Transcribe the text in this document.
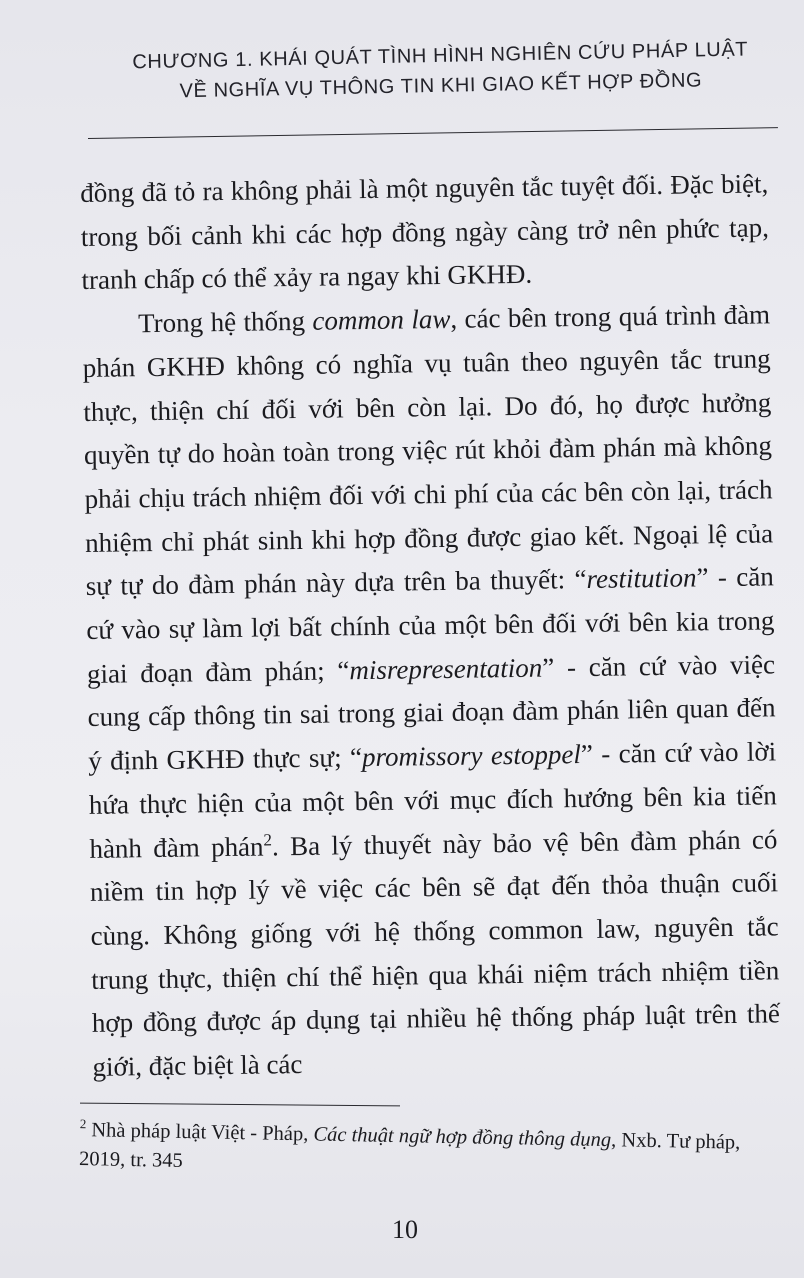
CHƯƠNG 1. KHÁI QUÁT TÌNH HÌNH NGHIÊN CỨU PHÁP LUẬT
VỀ NGHĨA VỤ THÔNG TIN KHI GIAO KẾT HỢP ĐỒNG

đồng đã tỏ ra không phải là một nguyên tắc tuyệt đối. Đặc biệt, trong bối cảnh khi các hợp đồng ngày càng trở nên phức tạp, tranh chấp có thể xảy ra ngay khi GKHĐ.

Trong hệ thống common law, các bên trong quá trình đàm phán GKHĐ không có nghĩa vụ tuân theo nguyên tắc trung thực, thiện chí đối với bên còn lại. Do đó, họ được hưởng quyền tự do hoàn toàn trong việc rút khỏi đàm phán mà không phải chịu trách nhiệm đối với chi phí của các bên còn lại, trách nhiệm chỉ phát sinh khi hợp đồng được giao kết. Ngoại lệ của sự tự do đàm phán này dựa trên ba thuyết: “restitution” - căn cứ vào sự làm lợi bất chính của một bên đối với bên kia trong giai đoạn đàm phán; “misrepresentation” - căn cứ vào việc cung cấp thông tin sai trong giai đoạn đàm phán liên quan đến ý định GKHĐ thực sự; “promissory estoppel” - căn cứ vào lời hứa thực hiện của một bên với mục đích hướng bên kia tiến hành đàm phán$^2$. Ba lý thuyết này bảo vệ bên đàm phán có niềm tin hợp lý về việc các bên sẽ đạt đến thỏa thuận cuối cùng. Không giống với hệ thống common law, nguyên tắc trung thực, thiện chí thể hiện qua khái niệm trách nhiệm tiền hợp đồng được áp dụng tại nhiều hệ thống pháp luật trên thế giới, đặc biệt là các

$^2$ Nhà pháp luật Việt - Pháp, Các thuật ngữ hợp đồng thông dụng, Nxb. Tư pháp, 2019, tr. 345
10
